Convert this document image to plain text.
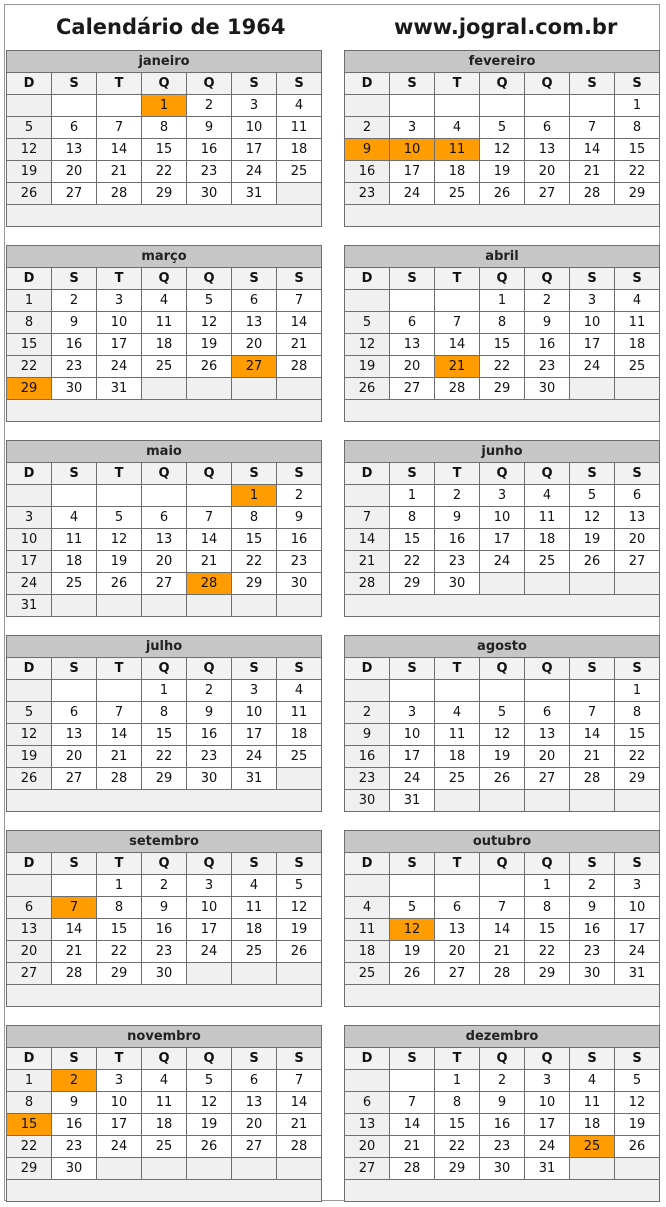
Calendário de 1964	www.jogral.com.br
janeiro						
D	S	T	Q	Q	S	S
			1	2	3	4
5	6	7	8	9	10	11
12	13	14	15	16	17	18
19	20	21	22	23	24	25
26	27	28	29	30	31	

fevereiro						
D	S	T	Q	Q	S	S
						1
2	3	4	5	6	7	8
9	10	11	12	13	14	15
16	17	18	19	20	21	22
23	24	25	26	27	28	29

março						
D	S	T	Q	Q	S	S
1	2	3	4	5	6	7
8	9	10	11	12	13	14
15	16	17	18	19	20	21
22	23	24	25	26	27	28
29	30	31				

abril						
D	S	T	Q	Q	S	S
			1	2	3	4
5	6	7	8	9	10	11
12	13	14	15	16	17	18
19	20	21	22	23	24	25
26	27	28	29	30		

maio						
D	S	T	Q	Q	S	S
					1	2
3	4	5	6	7	8	9
10	11	12	13	14	15	16
17	18	19	20	21	22	23
24	25	26	27	28	29	30
31						
junho						
D	S	T	Q	Q	S	S
	1	2	3	4	5	6
7	8	9	10	11	12	13
14	15	16	17	18	19	20
21	22	23	24	25	26	27
28	29	30				

julho						
D	S	T	Q	Q	S	S
			1	2	3	4
5	6	7	8	9	10	11
12	13	14	15	16	17	18
19	20	21	22	23	24	25
26	27	28	29	30	31	

agosto						
D	S	T	Q	Q	S	S
						1
2	3	4	5	6	7	8
9	10	11	12	13	14	15
16	17	18	19	20	21	22
23	24	25	26	27	28	29
30	31					
setembro						
D	S	T	Q	Q	S	S
		1	2	3	4	5
6	7	8	9	10	11	12
13	14	15	16	17	18	19
20	21	22	23	24	25	26
27	28	29	30			

outubro						
D	S	T	Q	Q	S	S
				1	2	3
4	5	6	7	8	9	10
11	12	13	14	15	16	17
18	19	20	21	22	23	24
25	26	27	28	29	30	31

novembro						
D	S	T	Q	Q	S	S
1	2	3	4	5	6	7
8	9	10	11	12	13	14
15	16	17	18	19	20	21
22	23	24	25	26	27	28
29	30					

dezembro						
D	S	T	Q	Q	S	S
		1	2	3	4	5
6	7	8	9	10	11	12
13	14	15	16	17	18	19
20	21	22	23	24	25	26
27	28	29	30	31		
